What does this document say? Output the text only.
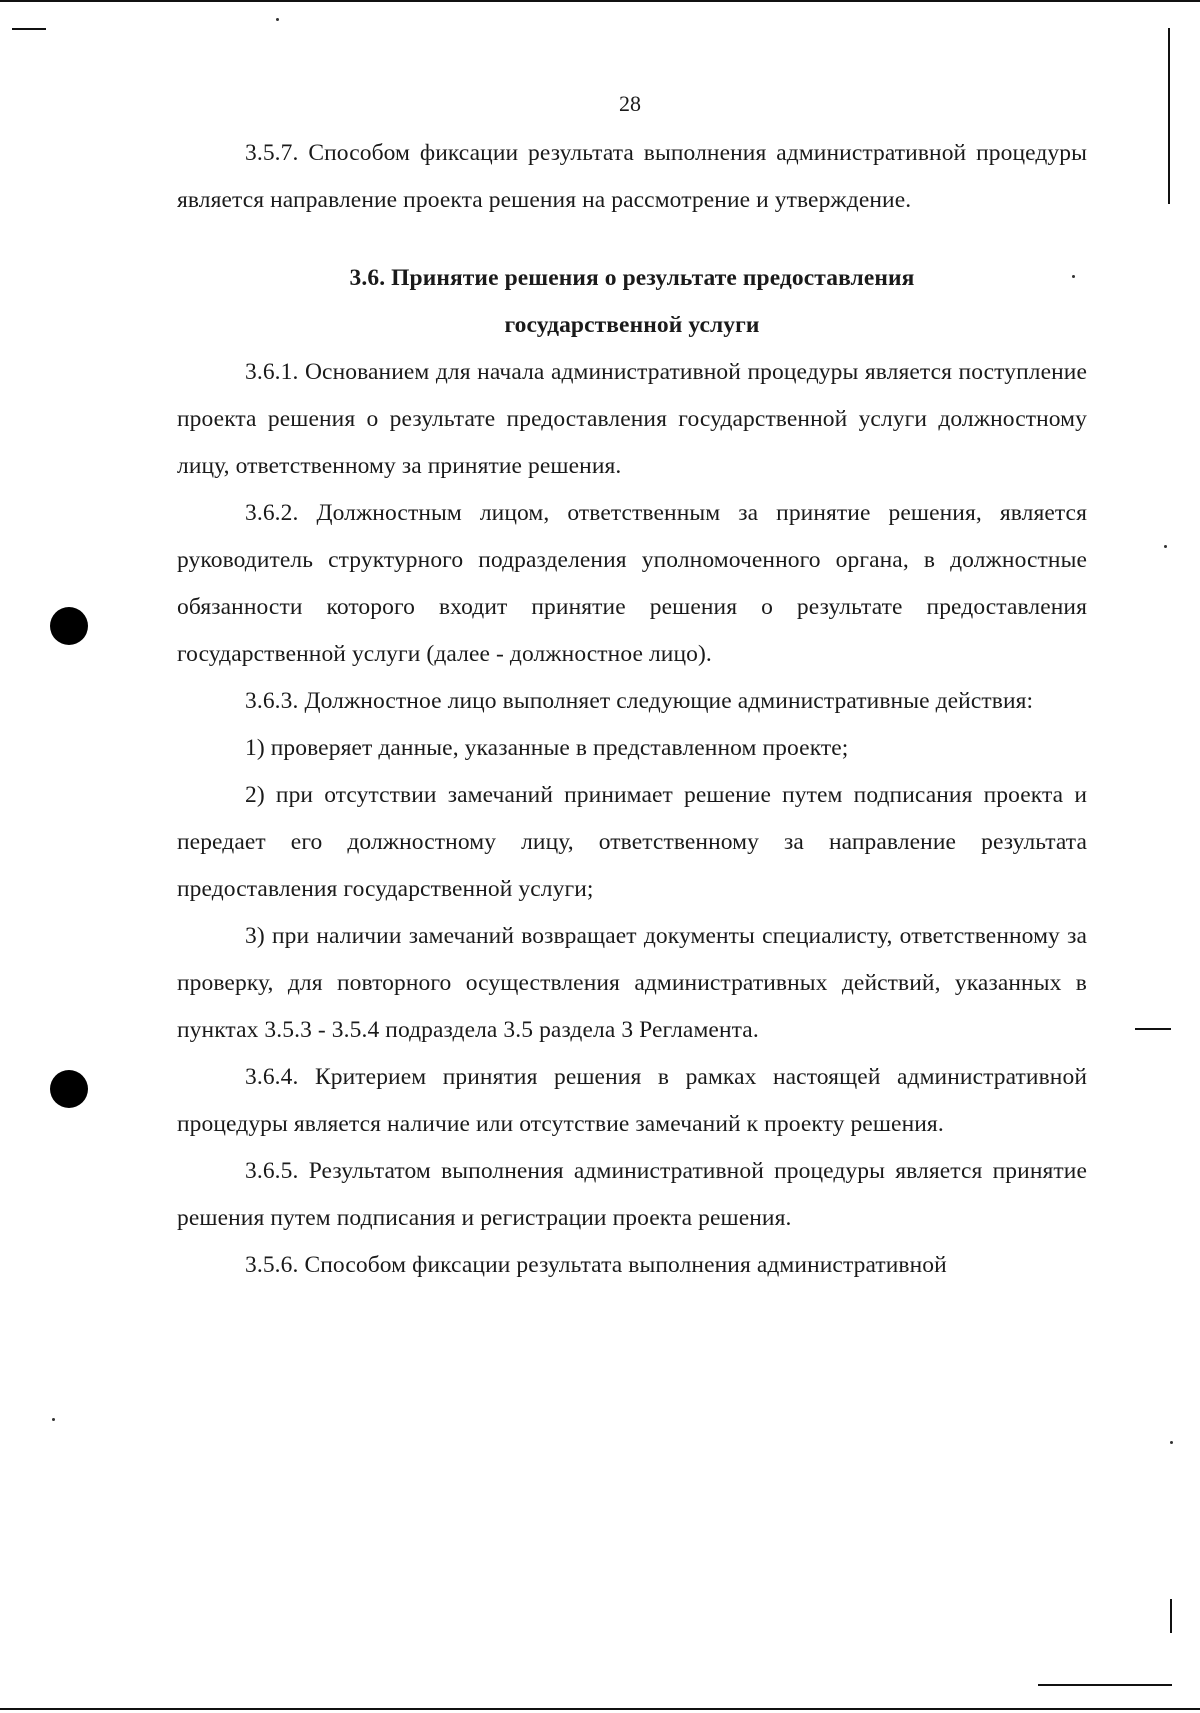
28

3.5.7. Способом фиксации результата выполнения административной процедуры является направление проекта решения на рассмотрение и утверждение.

3.6. Принятие решения о результате предоставления
государственной услуги

3.6.1. Основанием для начала административной процедуры является поступление проекта решения о результате предоставления государственной услуги должностному лицу, ответственному за принятие решения.

3.6.2. Должностным лицом, ответственным за принятие решения, является руководитель структурного подразделения уполномоченного органа, в должностные обязанности которого входит принятие решения о результате предоставления государственной услуги (далее - должностное лицо).

3.6.3. Должностное лицо выполняет следующие административные действия:

1) проверяет данные, указанные в представленном проекте;

2) при отсутствии замечаний принимает решение путем подписания проекта и передает его должностному лицу, ответственному за направление результата предоставления государственной услуги;

3) при наличии замечаний возвращает документы специалисту, ответственному за проверку, для повторного осуществления административных действий, указанных в пунктах 3.5.3 - 3.5.4 подраздела 3.5 раздела 3 Регламента.

3.6.4. Критерием принятия решения в рамках настоящей административной процедуры является наличие или отсутствие замечаний к проекту решения.

3.6.5. Результатом выполнения административной процедуры является принятие решения путем подписания и регистрации проекта решения.

3.5.6. Способом фиксации результата выполнения административной
